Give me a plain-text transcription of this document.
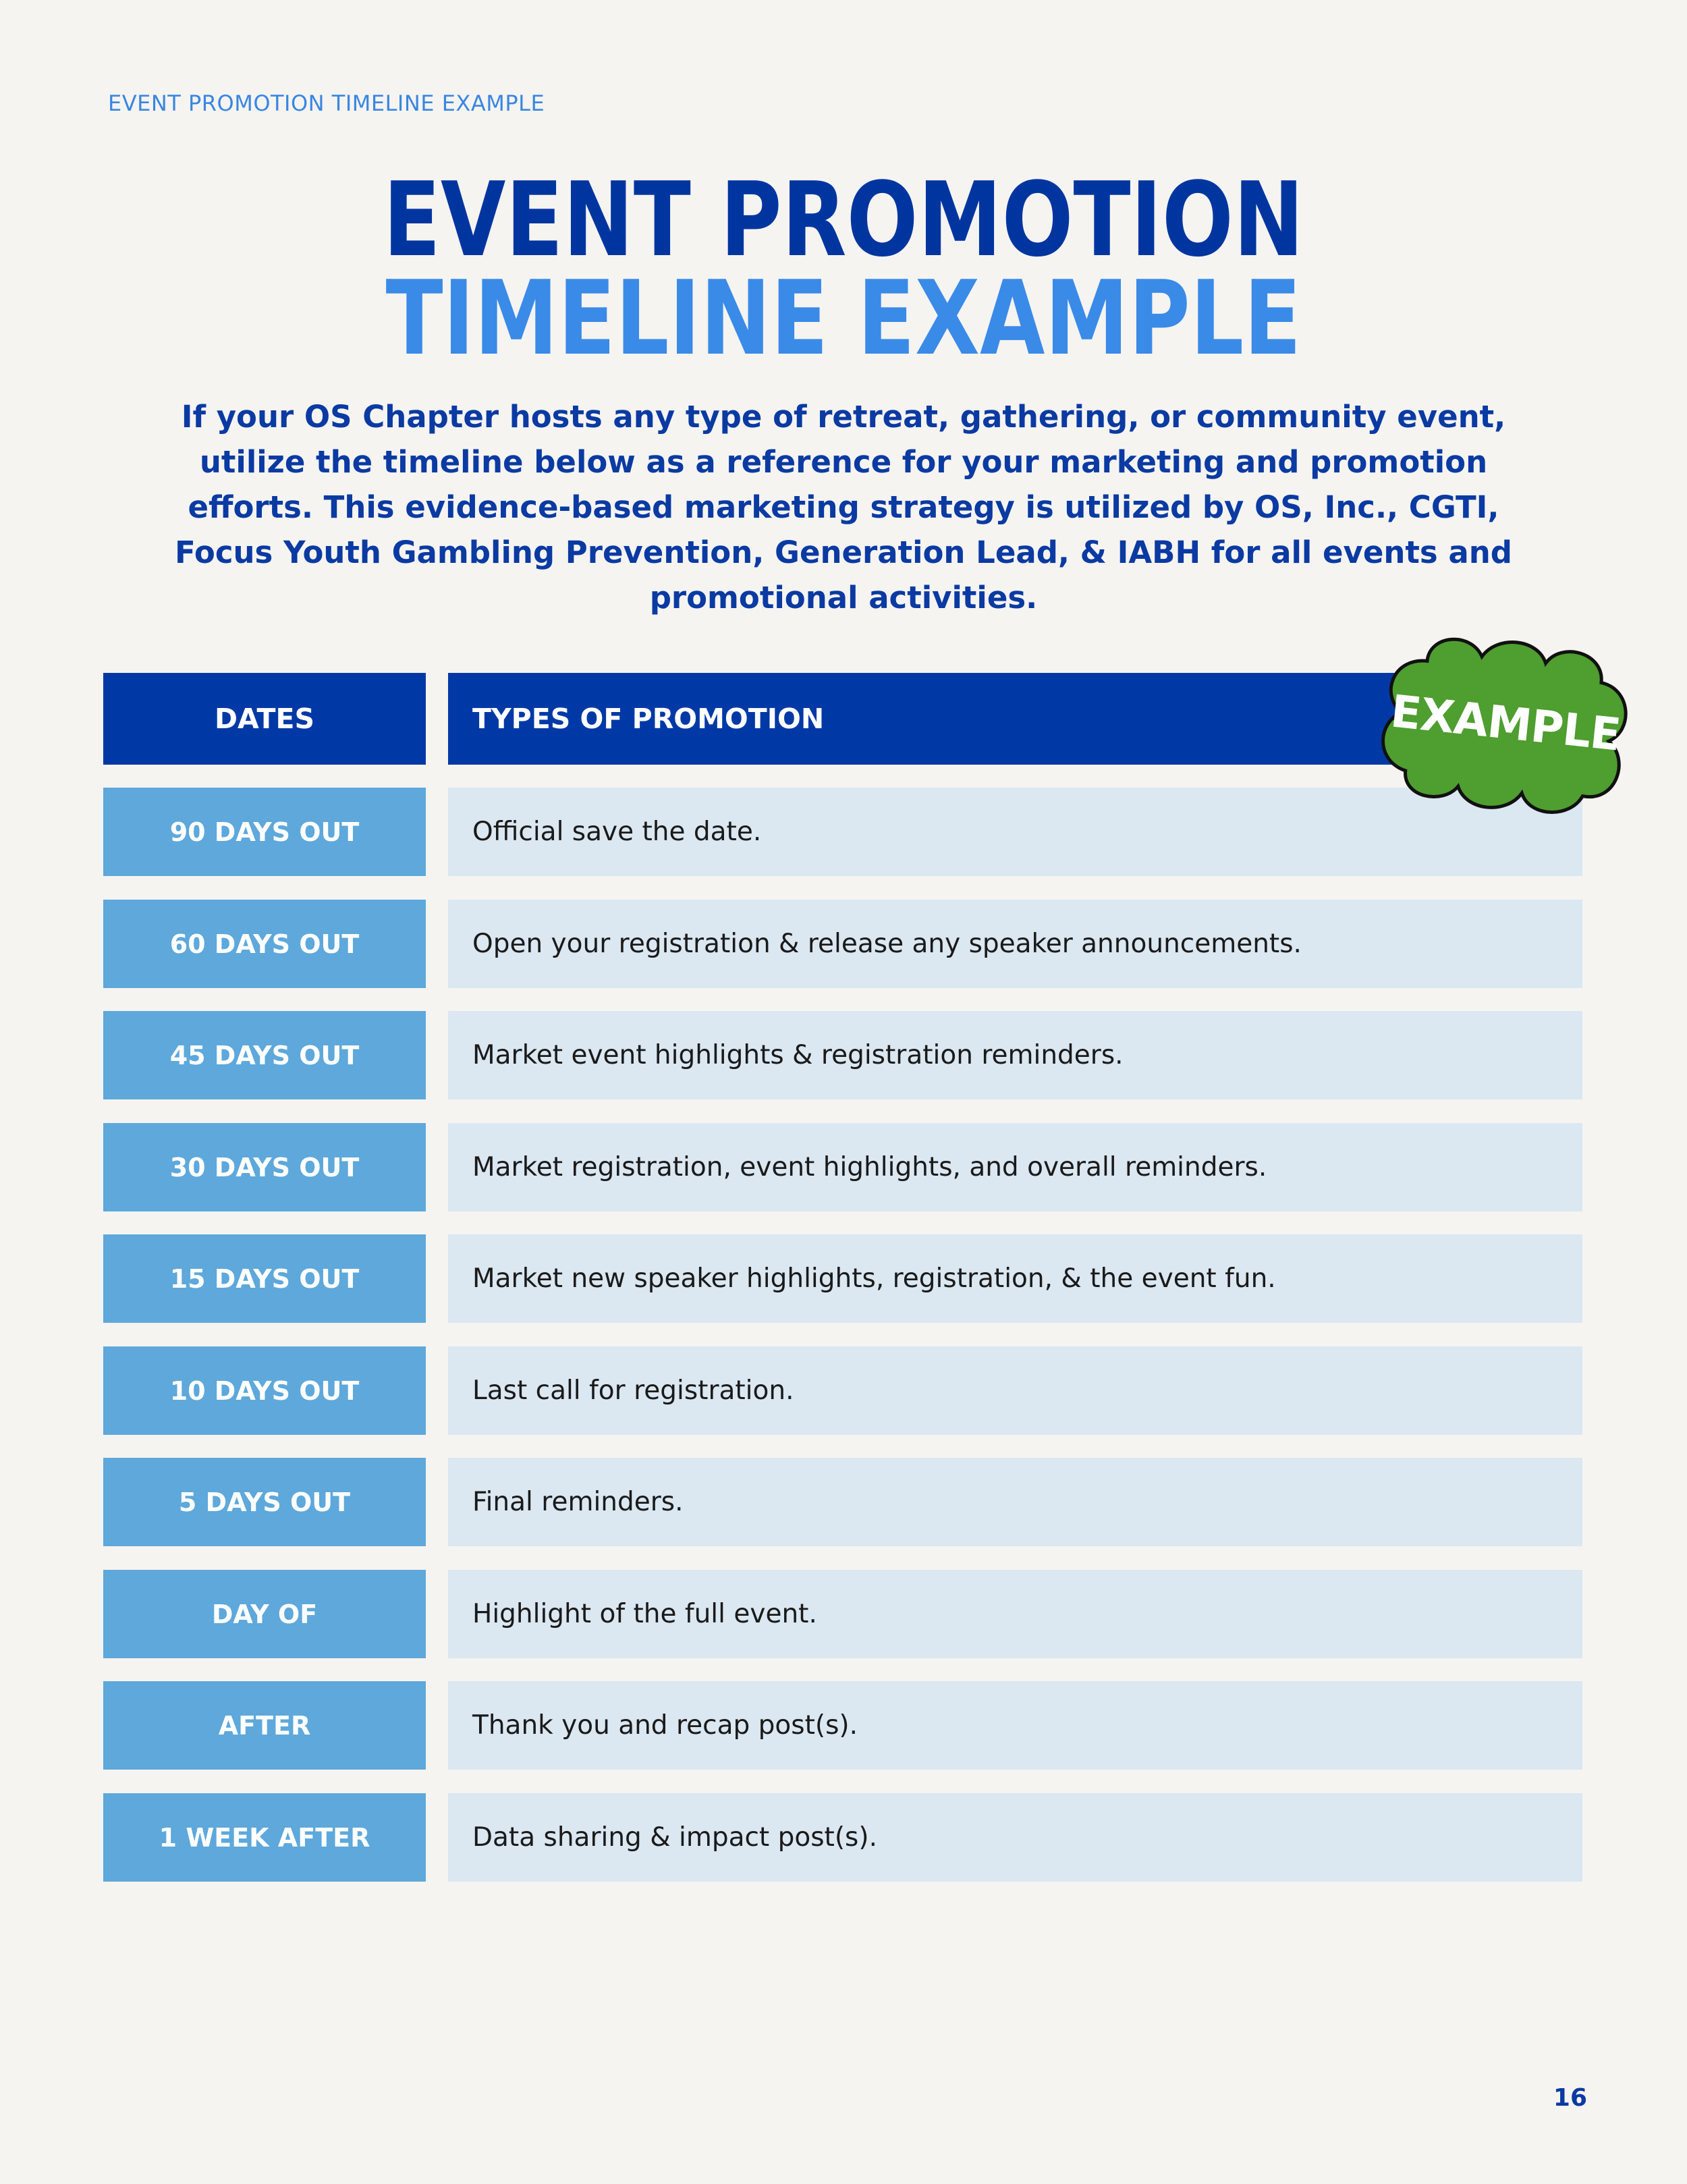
EVENT PROMOTION TIMELINE EXAMPLE
EVENT PROMOTION
TIMELINE EXAMPLE
If your OS Chapter hosts any type of retreat, gathering, or community event, utilize the timeline below as a reference for your marketing and promotion efforts. This evidence-based marketing strategy is utilized by OS, Inc., CGTI, Focus Youth Gambling Prevention, Generation Lead, & IABH for all events and promotional activities.
DATES	TYPES OF PROMOTION
90 DAYS OUT	Official save the date.
60 DAYS OUT	Open your registration & release any speaker announcements.
45 DAYS OUT	Market event highlights & registration reminders.
30 DAYS OUT	Market registration, event highlights, and overall reminders.
15 DAYS OUT	Market new speaker highlights, registration, & the event fun.
10 DAYS OUT	Last call for registration.
5 DAYS OUT	Final reminders.
DAY OF	Highlight of the full event.
AFTER	Thank you and recap post(s).
1 WEEK AFTER	Data sharing & impact post(s).
EXAMPLE
16
